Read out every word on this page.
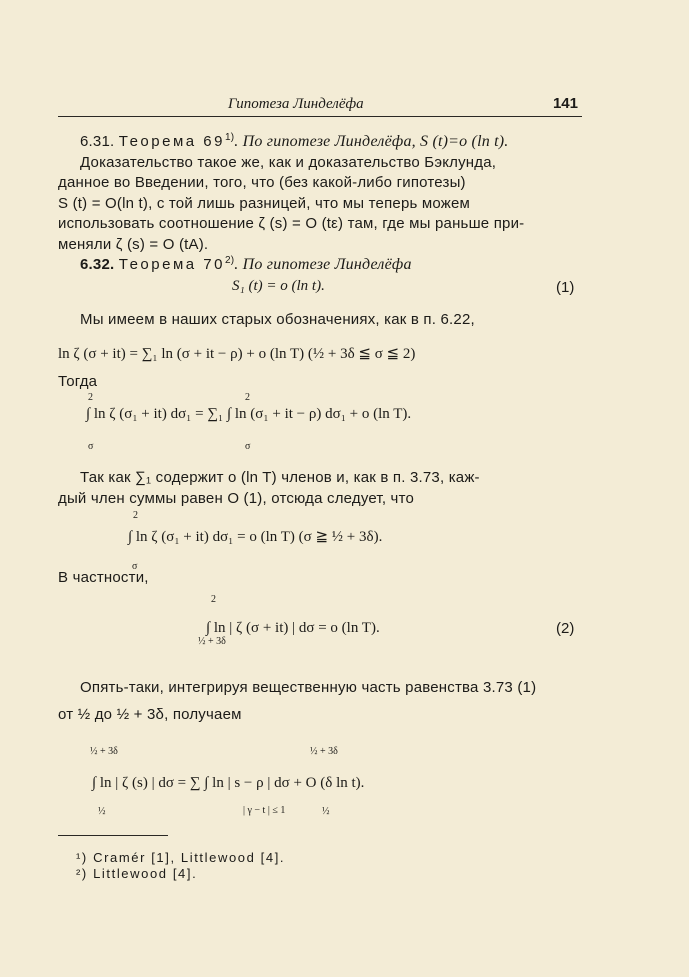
Гипотеза Линделёфа	141
6.31. Теорема 69$^{1)}$. По гипотезе Линделёфа, S (t)=o (ln t).
Доказательство такое же, как и доказательство Бэклунда,
данное во Введении, того, что (без какой-либо гипотезы)
S (t) = O(ln t), с той лишь разницей, что мы теперь можем
использовать соотношение ζ (s) = O (tε) там, где мы раньше при-
меняли ζ (s) = O (tA).
6.32. Теорема 70$^{2)}$. По гипотезе Линделёфа
S₁ (t) = o (ln t).	(1)
Мы имеем в наших старых обозначениях, как в п. 6.22,
ln ζ (σ + it) = ∑₁ ln (σ + it − ρ) + o (ln T) (½ + 3δ ≦ σ ≦ 2)
Тогда
2	2
∫ ln ζ (σ₁ + it) dσ₁ = ∑₁ ∫ ln (σ₁ + it − ρ) dσ₁ + o (ln T).
σ	σ
Так как ∑₁ содержит o (ln T) членов и, как в п. 3.73, каж-
дый член суммы равен O (1), отсюда следует, что
2
∫ ln ζ (σ₁ + it) dσ₁ = o (ln T) (σ ≧ ½ + 3δ).
σ
В частности,
2
∫ ln | ζ (σ + it) | dσ = o (ln T).
½ + 3δ
(2)
Опять-таки, интегрируя вещественную часть равенства 3.73 (1)
от ½ до ½ + 3δ, получаем
½ + 3δ	½ + 3δ
∫ ln | ζ (s) | dσ = ∑ ∫ ln | s − ρ | dσ + O (δ ln t).
| γ − t | ≤ 1
½	½
¹) Cramér [1], Littlewood [4].
²) Littlewood [4].
